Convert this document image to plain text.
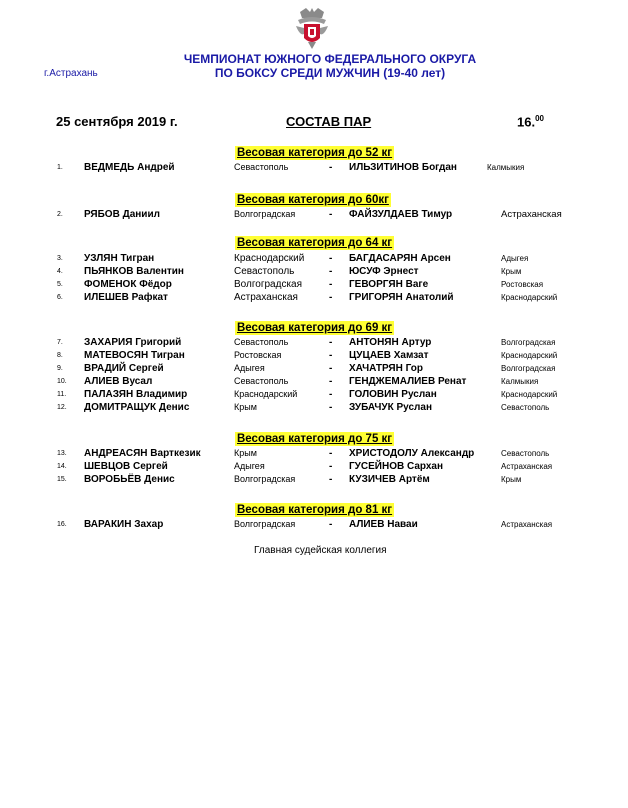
ЧЕМПИОНАТ ЮЖНОГО ФЕДЕРАЛЬНОГО ОКРУГА
ПО БОКСУ СРЕДИ МУЖЧИН (19-40 лет)
г.Астрахань
25 сентября 2019 г.	СОСТАВ ПАР	16.00
Весовая категория до 52 кг
Весовая категория до 60кг
Весовая категория до 64 кг
Весовая категория до 69 кг
Весовая категория до 75 кг
Весовая категория до 81 кг
1. ВЕДМЕДЬ Андрей	Севастополь	- ИЛЬЗИТИНОВ Богдан	Калмыкия
2. РЯБОВ Даниил	Волгоградская	- ФАЙЗУЛДАЕВ Тимур	Астраханская
3. УЗЛЯН Тигран	Краснодарский - БАГДАСАРЯН Арсен	Адыгея
4. ПЬЯНКОВ Валентин	Севастополь	- ЮСУФ Эрнест	Крым
5. ФОМЕНОК Фёдор	Волгоградская	- ГЕВОРГЯН Ваге	Ростовская
6. ИЛЕШЕВ Рафкат	Астраханская	- ГРИГОРЯН Анатолий	Краснодарский
7. ЗАХАРИЯ Григорий	Севастополь	- АНТОНЯН Артур	Волгоградская
8. МАТЕВОСЯН Тигран	Ростовская	- ЦУЦАЕВ Хамзат	Краснодарский
9. ВРАДИЙ Сергей	Адыгея	- ХАЧАТРЯН Гор	Волгоградская
10. АЛИЕВ Вусал	Севастополь	- ГЕНДЖЕМАЛИЕВ Ренат	Калмыкия
11. ПАЛАЗЯН Владимир	Краснодарский	- ГОЛОВИН Руслан	Краснодарский
12. ДОМИТРАЩУК Денис	Крым	- ЗУБАЧУК Руслан	Севастополь
13. АНДРЕАСЯН Варткезик	Крым	- ХРИСТОДОЛУ Александр	Севастополь
14. ШЕВЦОВ Сергей	Адыгея	- ГУСЕЙНОВ Сархан	Астраханская
15. ВОРОБЬЁВ Денис	Волгоградская	- КУЗИЧЕВ Артём	Крым
16. ВАРАКИН Захар	Волгоградская	- АЛИЕВ Наваи	Астраханская
Главная судейская коллегия
